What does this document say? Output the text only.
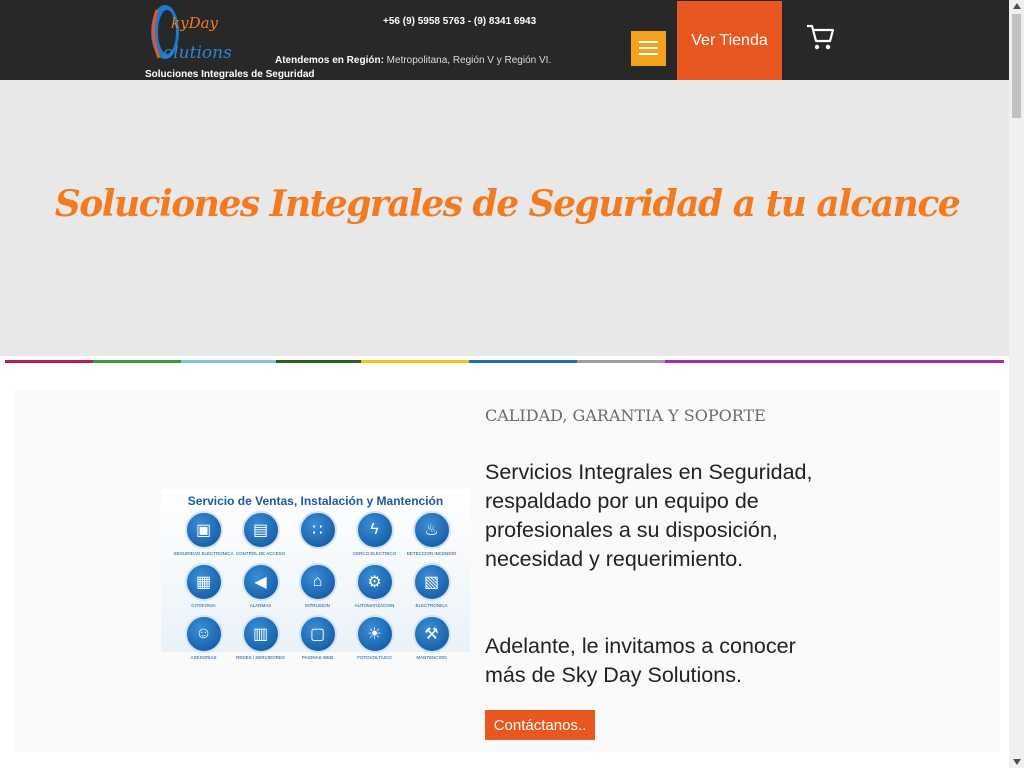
kyDay
olutions
Soluciones Integrales de Seguridad
+56 (9) 5958 5763 - (9) 8341 6943
Atendemos en Región: Metropolitana, Región V y Región VI.
Ver Tienda
Soluciones Integrales de Seguridad a tu alcance
Servicio de Ventas, Instalación y Mantención
▣
SEGURIDAD ELECTRONICA
▤
CONTROL DE ACCESO
∷	ϟ
CERCO ELECTRICO
♨
DETECCION INCENDIO
▦
CITOFONIA
◀
ALARMAS
⌂
INTRUSION
⚙
AUTOMATIZACION
▧
ELECTRONICA
☺
ASESORIAS
▥
REDES / SERVIDORES
▢
PAGINAS WEB
☀
FOTOVOLTAICO
⚒
MANTENCION
CALIDAD, GARANTIA Y SOPORTE
Servicios Integrales en Seguridad, respaldado por un equipo de profesionales a su disposición, necesidad y requerimiento.
Adelante, le invitamos a conocer más de Sky Day Solutions.
Contáctanos..
